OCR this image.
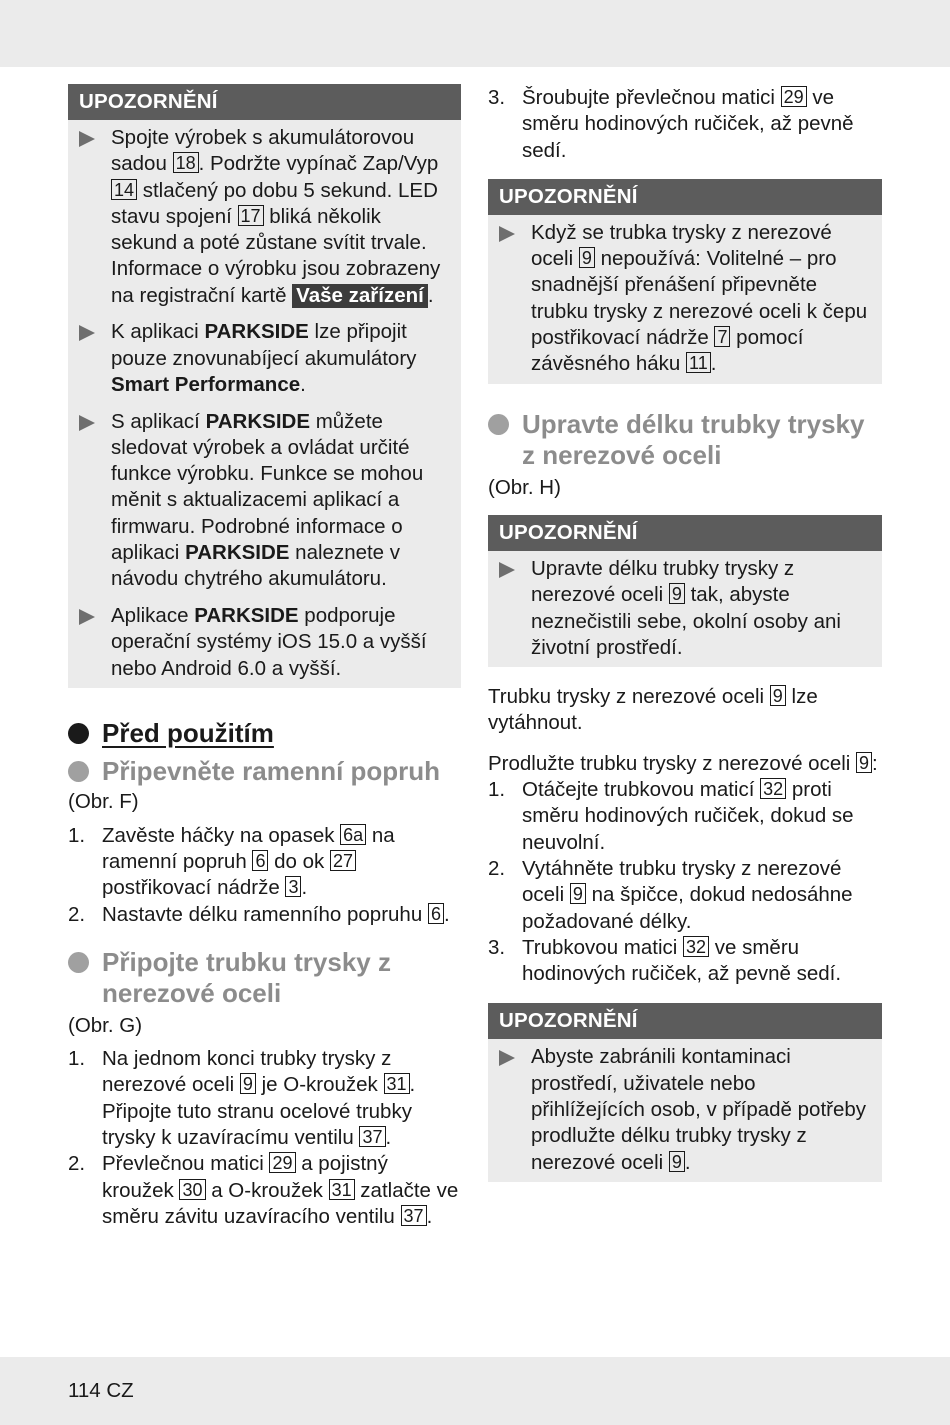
UPOZORNĚNÍ
Spojte výrobek s akumulátorovou sadou 18 . Podržte vypínač Zap/Vyp 14 stlačený po dobu 5 sekund. LED stavu spojení 17 bliká několik sekund a poté zůstane svítit trvale. Informace o výrobku jsou zobrazeny na registrační kartě Vaše zařízení .
K aplikaci PARKSIDE lze připojit pouze znovunabíjecí akumulátory Smart Performance.
S aplikací PARKSIDE můžete sledovat výrobek a ovládat určité funkce výrobku. Funkce se mohou měnit s aktualizacemi aplikací a firmwaru. Podrobné informace o aplikaci PARKSIDE naleznete v návodu chytrého akumulátoru.
Aplikace PARKSIDE podporuje operační systémy iOS 15.0 a vyšší nebo Android 6.0 a vyšší.
Před použitím
Připevněte ramenní popruh

(Obr. F)

1. Zavěste háčky na opasek 6a na ramenní popruh 6 do ok 27 postřikovací nádrže 3 .
2. Nastavte délku ramenního popruhu 6 .
Připojte trubku trysky z nerezové oceli

(Obr. G)

1. Na jednom konci trubky trysky z nerezové oceli 9 je O-kroužek 31 . Připojte tuto stranu ocelové trubky trysky k uzavíracímu ventilu 37 .
2. Převlečnou matici 29 a pojistný kroužek 30 a O-kroužek 31 zatlačte ve směru závitu uzavíracího ventilu 37 .
3. Šroubujte převlečnou matici 29 ve směru hodinových ručiček, až pevně sedí.
UPOZORNĚNÍ
Když se trubka trysky z nerezové oceli 9 nepoužívá: Volitelné – pro snadnější přenášení připevněte trubku trysky z nerezové oceli k čepu postřikovací nádrže 7 pomocí závěsného háku 11 .
Upravte délku trubky trysky z nerezové oceli

(Obr. H)

UPOZORNĚNÍ
Upravte délku trubky trysky z nerezové oceli 9 tak, abyste neznečistili sebe, okolní osoby ani životní prostředí.

Trubku trysky z nerezové oceli 9 lze vytáhnout.

Prodlužte trubku trysky z nerezové oceli 9 :

1. Otáčejte trubkovou maticí 32 proti směru hodinových ručiček, dokud se neuvolní.
2. Vytáhněte trubku trysky z nerezové oceli 9 na špičce, dokud nedosáhne požadované délky.
3. Trubkovou matici 32 ve směru hodinových ručiček, až pevně sedí.
UPOZORNĚNÍ
Abyste zabránili kontaminaci prostředí, uživatele nebo přihlížejících osob, v případě potřeby prodlužte délku trubky trysky z nerezové oceli 9 .
114 CZ
